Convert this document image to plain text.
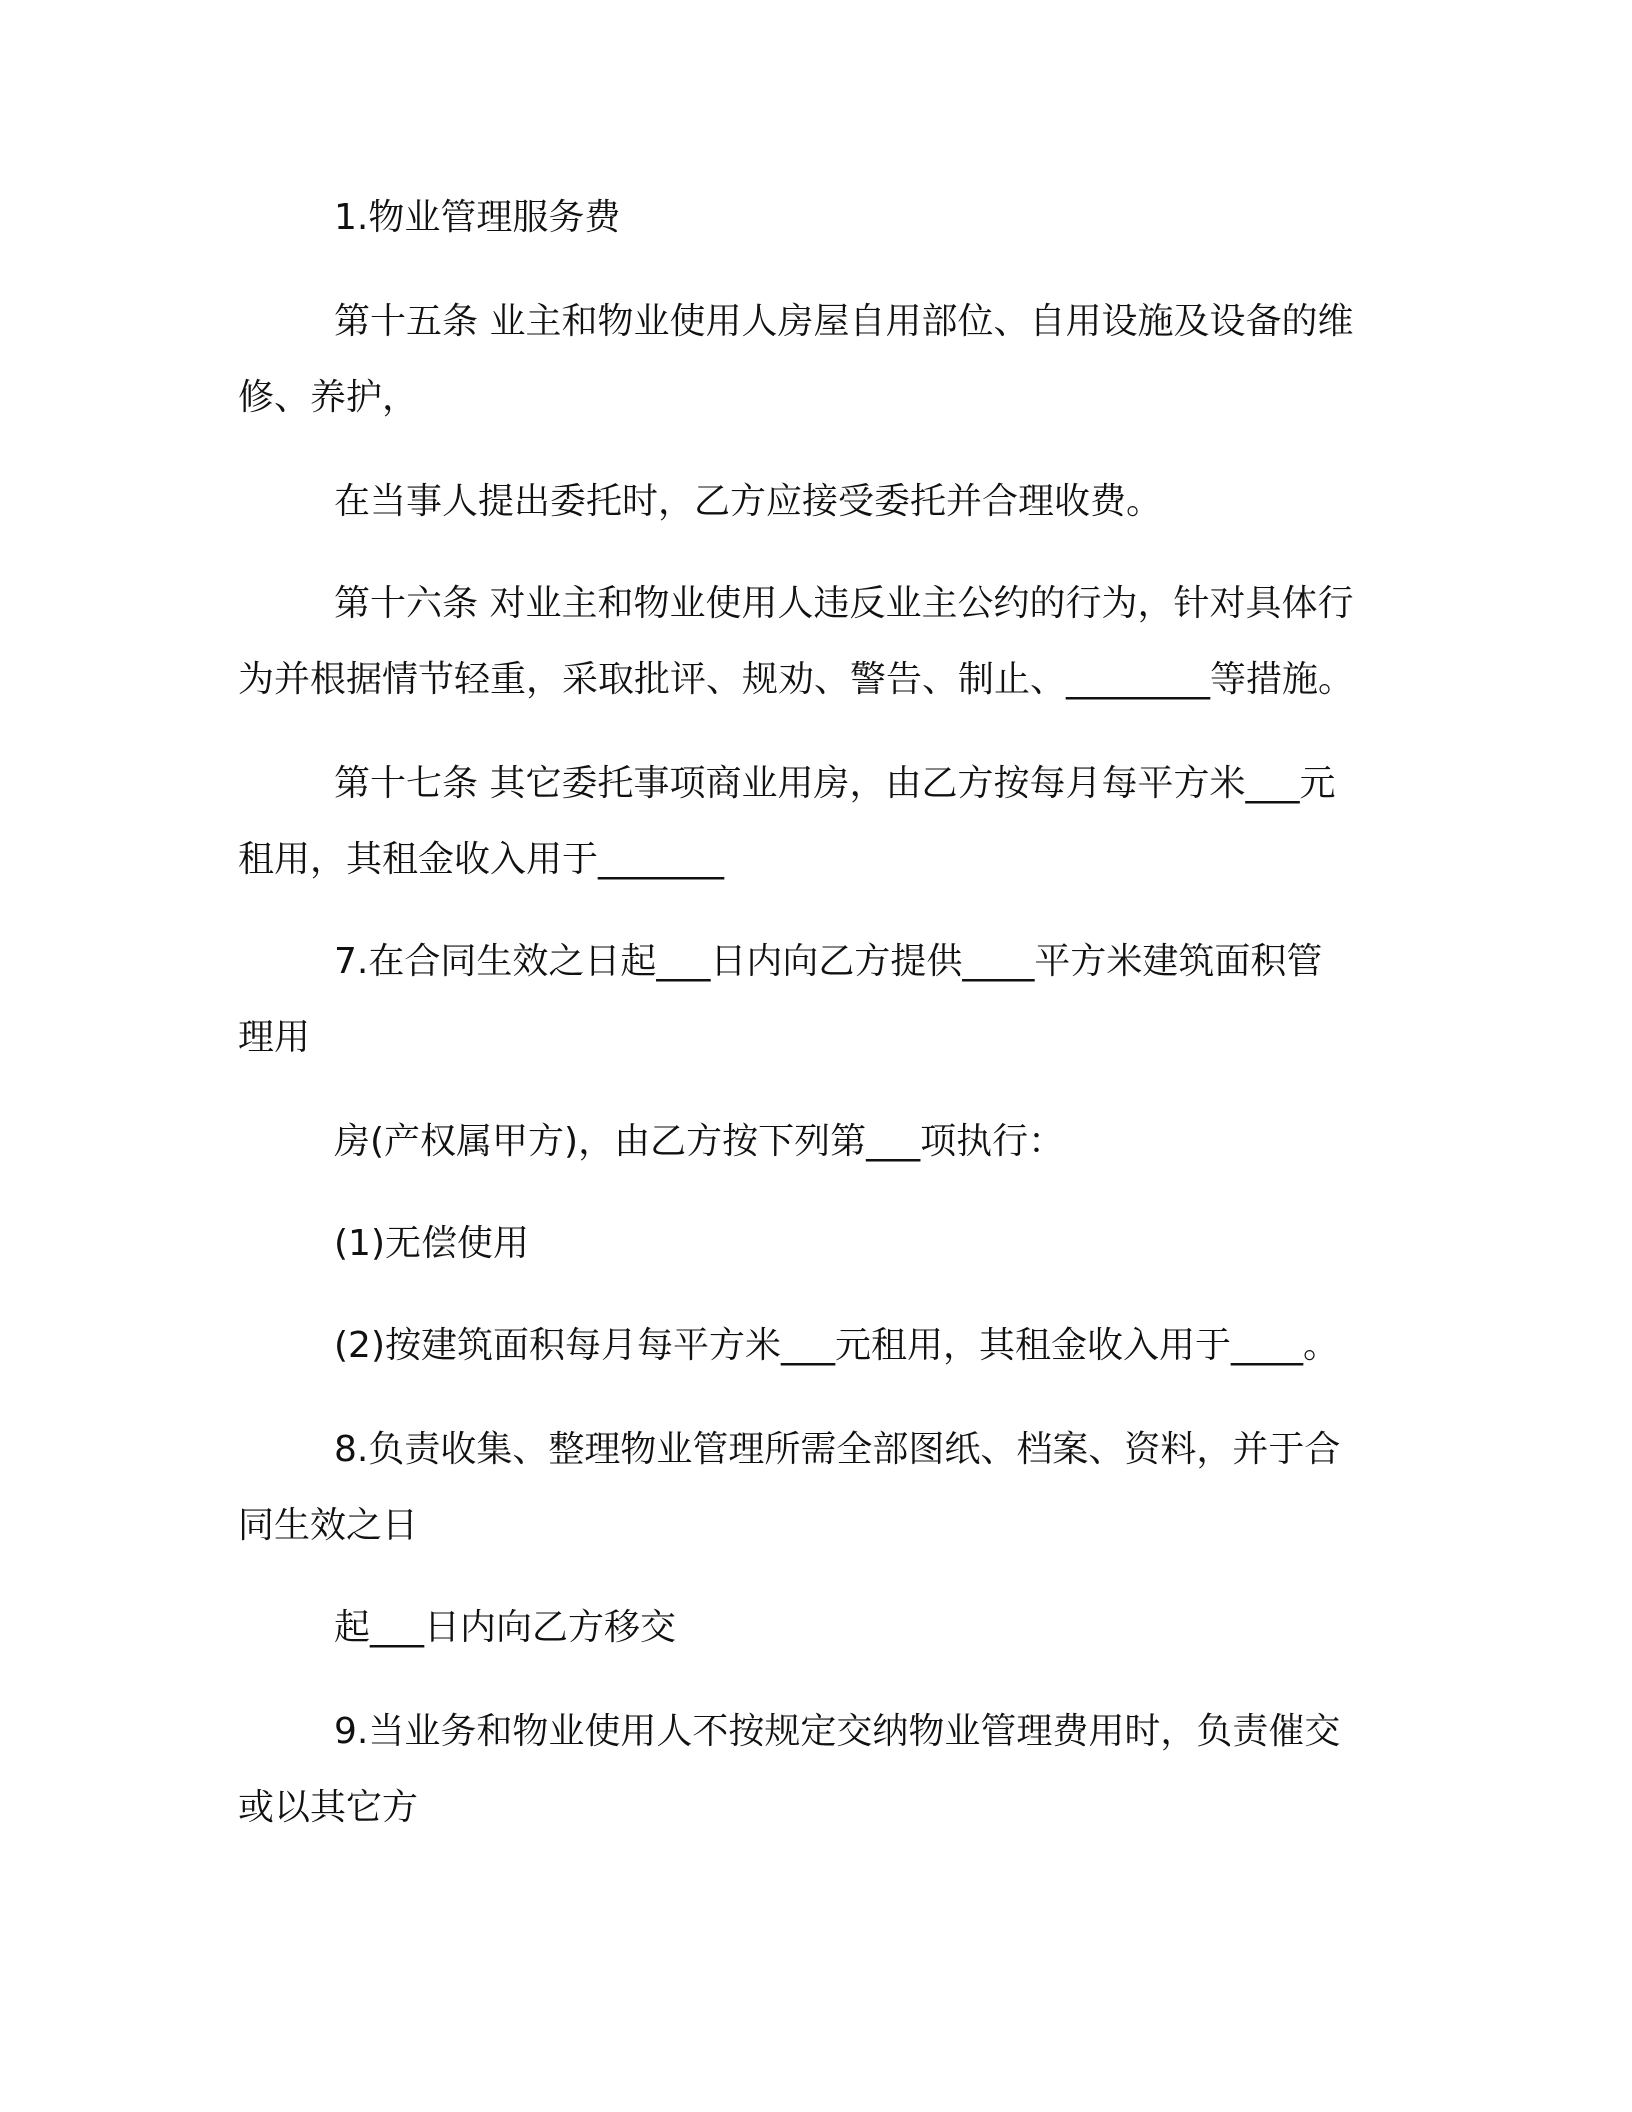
1.物业管理服务费
第十五条 业主和物业使用人房屋自用部位、自用设施及设备的维
修、养护，
在当事人提出委托时，乙方应接受委托并合理收费。
第十六条 对业主和物业使用人违反业主公约的行为，针对具体行
为并根据情节轻重，采取批评、规劝、警告、制止、________等措施。
第十七条 其它委托事项商业用房，由乙方按每月每平方米___元
租用，其租金收入用于_______
7.在合同生效之日起___日内向乙方提供____平方米建筑面积管
理用
房(产权属甲方)，由乙方按下列第___项执行：
(1)无偿使用
(2)按建筑面积每月每平方米___元租用，其租金收入用于____。
8.负责收集、整理物业管理所需全部图纸、档案、资料，并于合
同生效之日
起___日内向乙方移交
9.当业务和物业使用人不按规定交纳物业管理费用时，负责催交
或以其它方
